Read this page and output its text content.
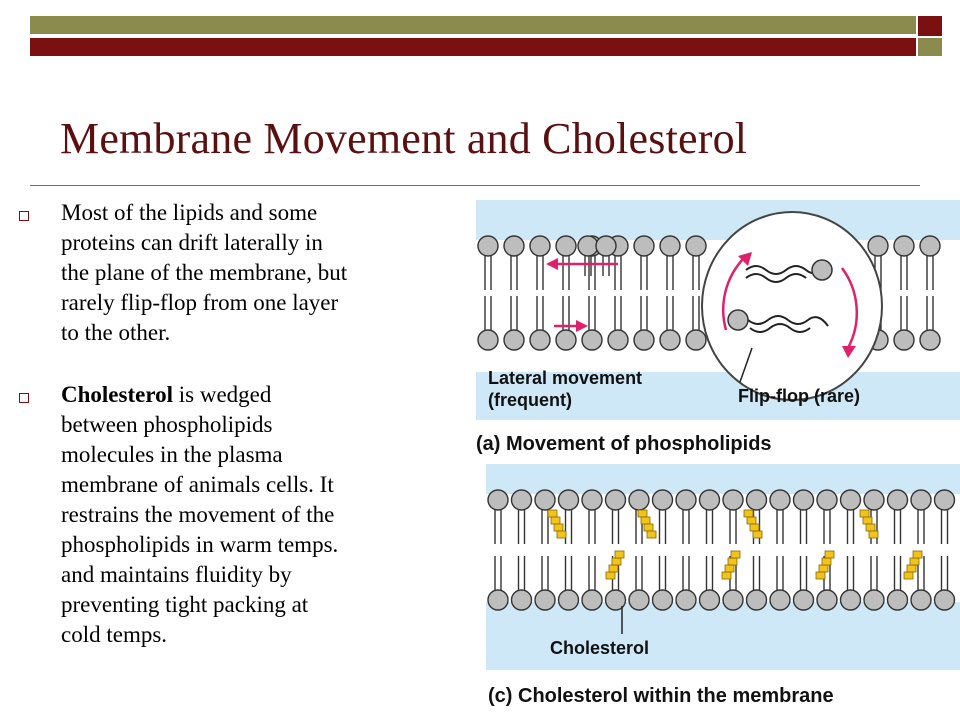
Membrane Movement and Cholesterol
Most of the lipids and some
proteins can drift laterally in
the plane of the membrane, but
rarely flip-flop from one layer
to the other.
Cholesterol is wedged
between phospholipids
molecules in the plasma
membrane of animals cells. It
restrains the movement of the
phospholipids in warm temps.
and maintains fluidity by
preventing tight packing at
cold temps.
Lateral movement
(frequent)	Flip-flop (rare)
(a) Movement of phospholipids
Cholesterol
(c) Cholesterol within the membrane
